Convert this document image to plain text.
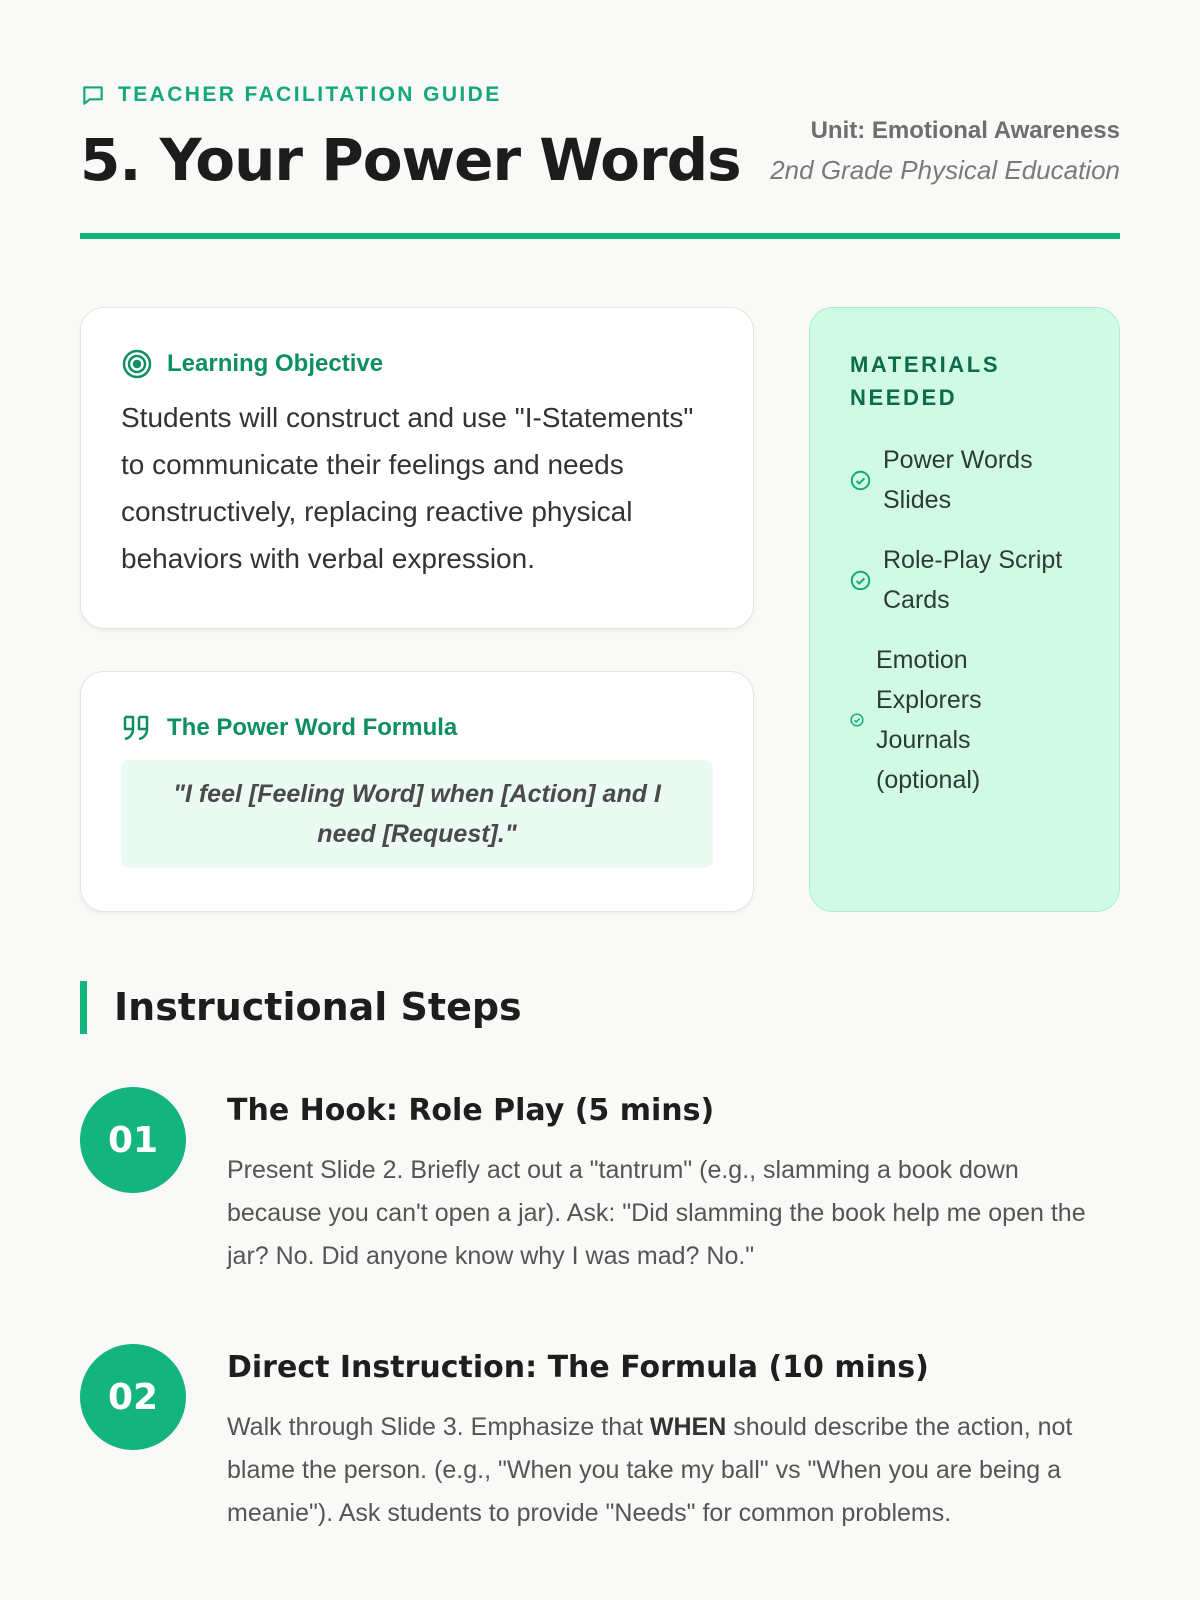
TEACHER FACILITATION GUIDE
5. Your Power Words	Unit: Emotional Awareness
2nd Grade Physical Education
Learning Objective

Students will construct and use "I-Statements" to communicate their feelings and needs constructively, replacing reactive physical behaviors with verbal expression.

The Power Word Formula
"I feel [Feeling Word] when [Action] and I need [Request]."
MATERIALS NEEDED
Power Words Slides
Role-Play Script Cards
Emotion Explorers Journals (optional)
Instructional Steps
01
The Hook: Role Play (5 mins)

Present Slide 2. Briefly act out a "tantrum" (e.g., slamming a book down because you can't open a jar). Ask: "Did slamming the book help me open the jar? No. Did anyone know why I was mad? No."

02
Direct Instruction: The Formula (10 mins)

Walk through Slide 3. Emphasize that WHEN should describe the action, not blame the person. (e.g., "When you take my ball" vs "When you are being a meanie"). Ask students to provide "Needs" for common problems.
